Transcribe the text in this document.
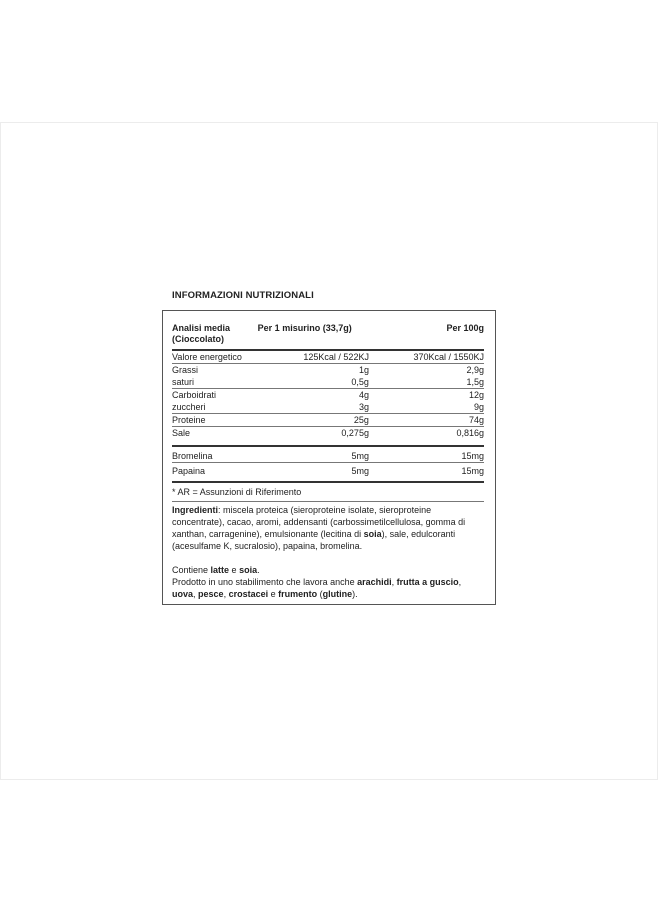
INFORMAZIONI NUTRIZIONALI
Analisi media
(Cioccolato)	Per 1 misurino (33,7g)	Per 100g
Valore energetico	125Kcal / 522KJ	370Kcal / 1550KJ
Grassi	1g	2,9g
saturi	0,5g	1,5g
Carboidrati	4g	12g
zuccheri	3g	9g
Proteine	25g	74g
Sale	0,275g	0,816g
Bromelina	5mg	15mg
Papaina	5mg	15mg
* AR = Assunzioni di Riferimento

Ingredienti: miscela proteica (sieroproteine isolate, sieroproteine concentrate), cacao, aromi, addensanti (carbossimetilcellulosa, gomma di xanthan, carragenine), emulsionante (lecitina di soia), sale, edulcoranti (acesulfame K, sucralosio), papaina, bromelina.

Contiene latte e soia.

Prodotto in uno stabilimento che lavora anche arachidi, frutta a guscio, uova, pesce, crostacei e frumento (glutine).
